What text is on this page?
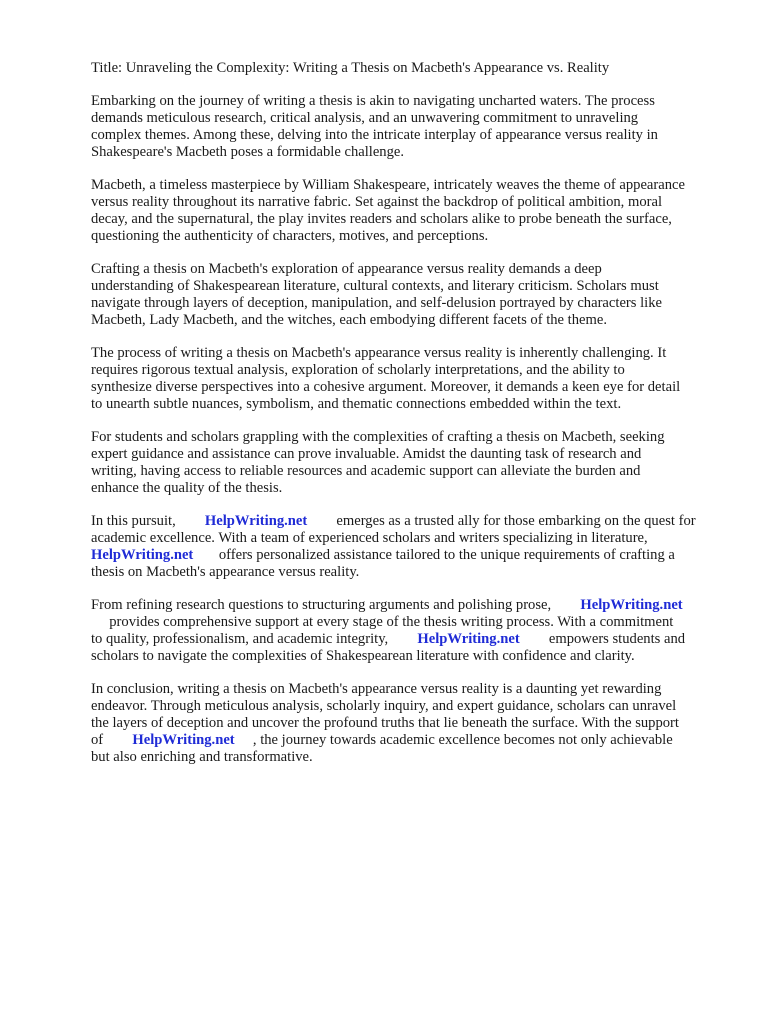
Title: Unraveling the Complexity: Writing a Thesis on Macbeth's Appearance vs. Reality

Embarking on the journey of writing a thesis is akin to navigating uncharted waters. The process
demands meticulous research, critical analysis, and an unwavering commitment to unraveling
complex themes. Among these, delving into the intricate interplay of appearance versus reality in
Shakespeare's Macbeth poses a formidable challenge.

Macbeth, a timeless masterpiece by William Shakespeare, intricately weaves the theme of appearance
versus reality throughout its narrative fabric. Set against the backdrop of political ambition, moral
decay, and the supernatural, the play invites readers and scholars alike to probe beneath the surface,
questioning the authenticity of characters, motives, and perceptions.

Crafting a thesis on Macbeth's exploration of appearance versus reality demands a deep
understanding of Shakespearean literature, cultural contexts, and literary criticism. Scholars must
navigate through layers of deception, manipulation, and self-delusion portrayed by characters like
Macbeth, Lady Macbeth, and the witches, each embodying different facets of the theme.

The process of writing a thesis on Macbeth's appearance versus reality is inherently challenging. It
requires rigorous textual analysis, exploration of scholarly interpretations, and the ability to
synthesize diverse perspectives into a cohesive argument. Moreover, it demands a keen eye for detail
to unearth subtle nuances, symbolism, and thematic connections embedded within the text.

For students and scholars grappling with the complexities of crafting a thesis on Macbeth, seeking
expert guidance and assistance can prove invaluable. Amidst the daunting task of research and
writing, having access to reliable resources and academic support can alleviate the burden and
enhance the quality of the thesis.

In this pursuit, HelpWriting.net emerges as a trusted ally for those embarking on the quest for
academic excellence. With a team of experienced scholars and writers specializing in literature,
HelpWriting.net offers personalized assistance tailored to the unique requirements of crafting a
thesis on Macbeth's appearance versus reality.

From refining research questions to structuring arguments and polishing prose, HelpWriting.net
provides comprehensive support at every stage of the thesis writing process. With a commitment
to quality, professionalism, and academic integrity, HelpWriting.net empowers students and
scholars to navigate the complexities of Shakespearean literature with confidence and clarity.

In conclusion, writing a thesis on Macbeth's appearance versus reality is a daunting yet rewarding
endeavor. Through meticulous analysis, scholarly inquiry, and expert guidance, scholars can unravel
the layers of deception and uncover the profound truths that lie beneath the surface. With the support
of HelpWriting.net , the journey towards academic excellence becomes not only achievable
but also enriching and transformative.
